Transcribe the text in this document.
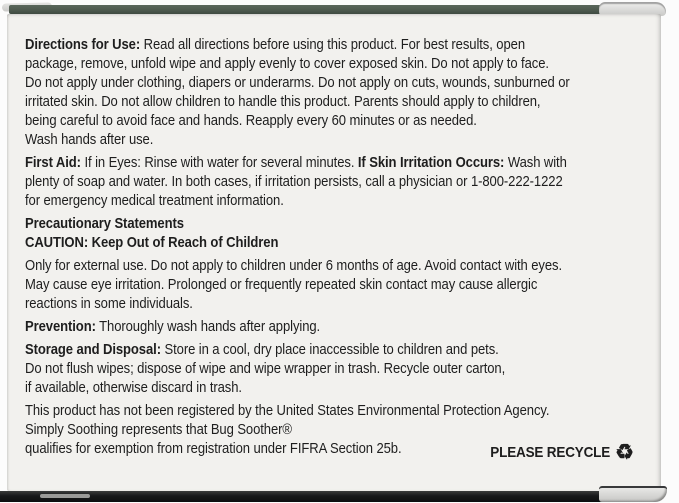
Directions for Use: Read all directions before using this product. For best results, open
package, remove, unfold wipe and apply evenly to cover exposed skin. Do not apply to face.
Do not apply under clothing, diapers or underarms. Do not apply on cuts, wounds, sunburned or
irritated skin. Do not allow children to handle this product. Parents should apply to children,
being careful to avoid face and hands. Reapply every 60 minutes or as needed.
Wash hands after use.
First Aid: If in Eyes: Rinse with water for several minutes. If Skin Irritation Occurs: Wash with
plenty of soap and water. In both cases, if irritation persists, call a physician or 1-800-222-1222
for emergency medical treatment information.
Precautionary Statements
CAUTION: Keep Out of Reach of Children
Only for external use. Do not apply to children under 6 months of age. Avoid contact with eyes.
May cause eye irritation. Prolonged or frequently repeated skin contact may cause allergic
reactions in some individuals.
Prevention: Thoroughly wash hands after applying.
Storage and Disposal: Store in a cool, dry place inaccessible to children and pets.
Do not flush wipes; dispose of wipe and wipe wrapper in trash. Recycle outer carton,
if available, otherwise discard in trash.
This product has not been registered by the United States Environmental Protection Agency.
Simply Soothing represents that Bug Soother®
qualifies for exemption from registration under FIFRA Section 25b.	PLEASE RECYCLE ♻
